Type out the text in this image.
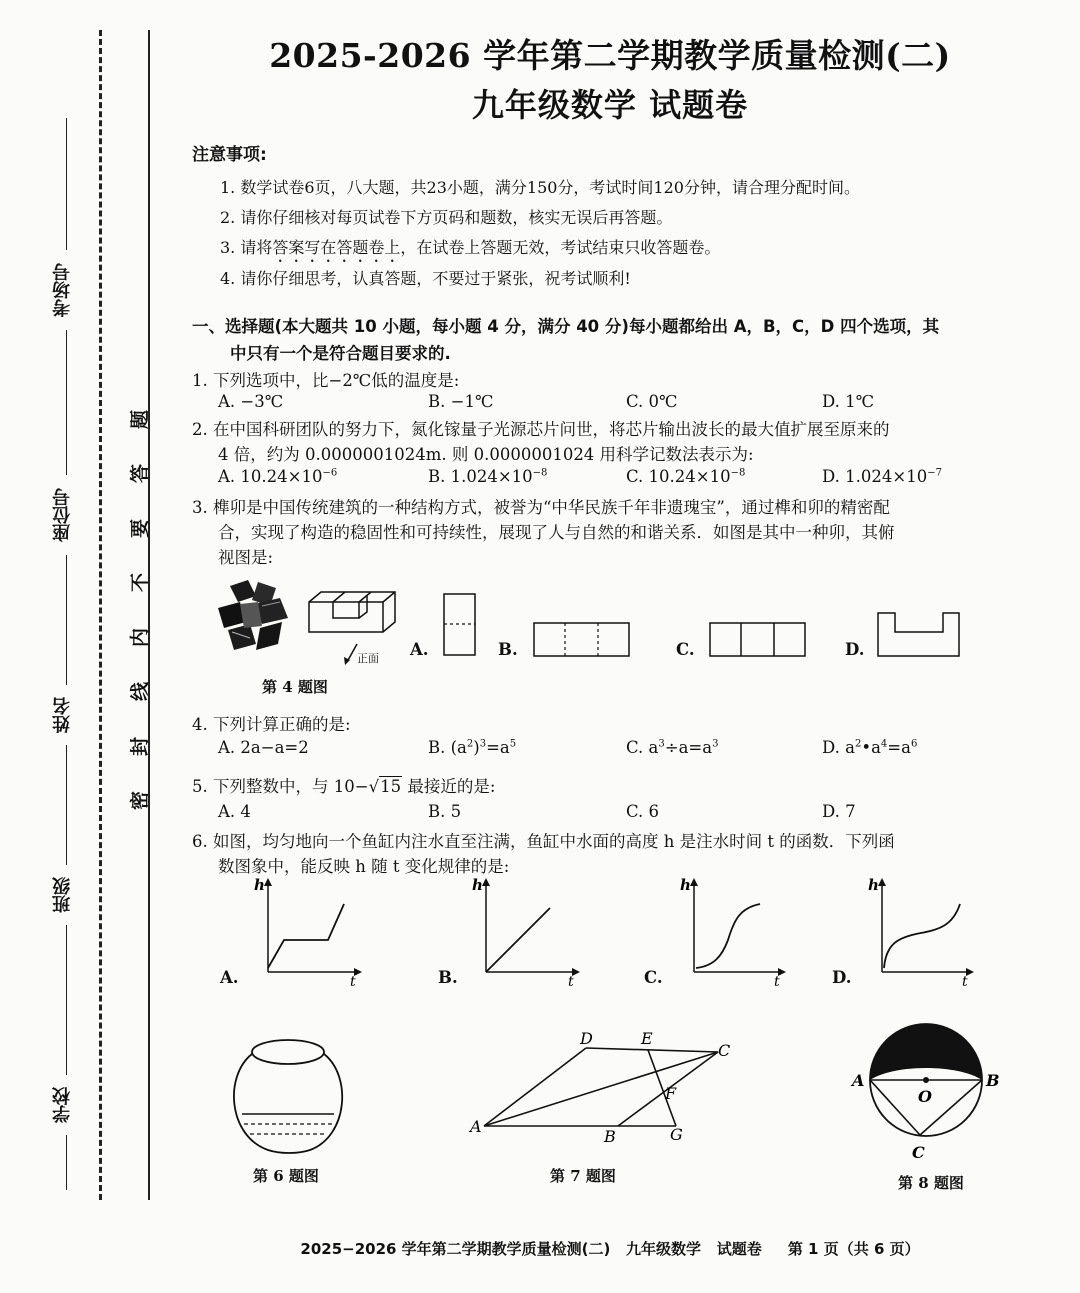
考场号
座位号
姓名
班级
学校
题
答
要
不
内
线
封
密
2025-2026 学年第二学期教学质量检测(二)
九年级数学 试题卷
注意事项:
1. 数学试卷6页，八大题，共23小题，满分150分，考试时间120分钟，请合理分配时间。
2. 请你仔细核对每页试卷下方页码和题数，核实无误后再答题。
3. 请将答案写在答题卷上，在试卷上答题无效，考试结束只收答题卷。
4. 请你仔细思考，认真答题，不要过于紧张，祝考试顺利!
一、选择题(本大题共 10 小题，每小题 4 分，满分 40 分)每小题都给出 A，B，C，D 四个选项，其
中只有一个是符合题目要求的.
1. 下列选项中，比−2℃低的温度是:
A. −3℃	B. −1℃	C. 0℃	D. 1℃
2. 在中国科研团队的努力下，氮化镓量子光源芯片问世，将芯片输出波长的最大值扩展至原来的
4 倍，约为 0.0000001024m. 则 0.0000001024 用科学记数法表示为:
A. $10.24\times 10^{-6}$	B. $1.024\times 10^{-8}$	C. $10.24\times 10^{-8}$	D. $1.024\times 10^{-7}$
3. 榫卯是中国传统建筑的一种结构方式，被誉为“中华民族千年非遗瑰宝”，通过榫和卯的精密配
合，实现了构造的稳固性和可持续性，展现了人与自然的和谐关系．如图是其中一种卯，其俯
视图是:
正面
第 4 题图
A.	B.	C.	D.
4. 下列计算正确的是:
A. 2a−a=2	B. $(a^2)^3=a^5$	C. $a^3\div a=a^3$	D. $a^2•a^4=a^6$
5. 下列整数中，与 10−√15 最接近的是:
A. 4	B. 5	C. 6	D. 7
6. 如图，均匀地向一个鱼缸内注水直至注满，鱼缸中水面的高度 h 是注水时间 t 的函数．下列函
数图象中，能反映 h 随 t 变化规律的是:
A.
h
t	B.
h
t	C.
h
t	D.
h
t
第 6 题图
D	E
C
F
A
B	G
第 7 题图
A	B
O
C
第 8 题图
2025−2026 学年第二学期教学质量检测(二)   九年级数学   试题卷     第 1 页（共 6 页）
